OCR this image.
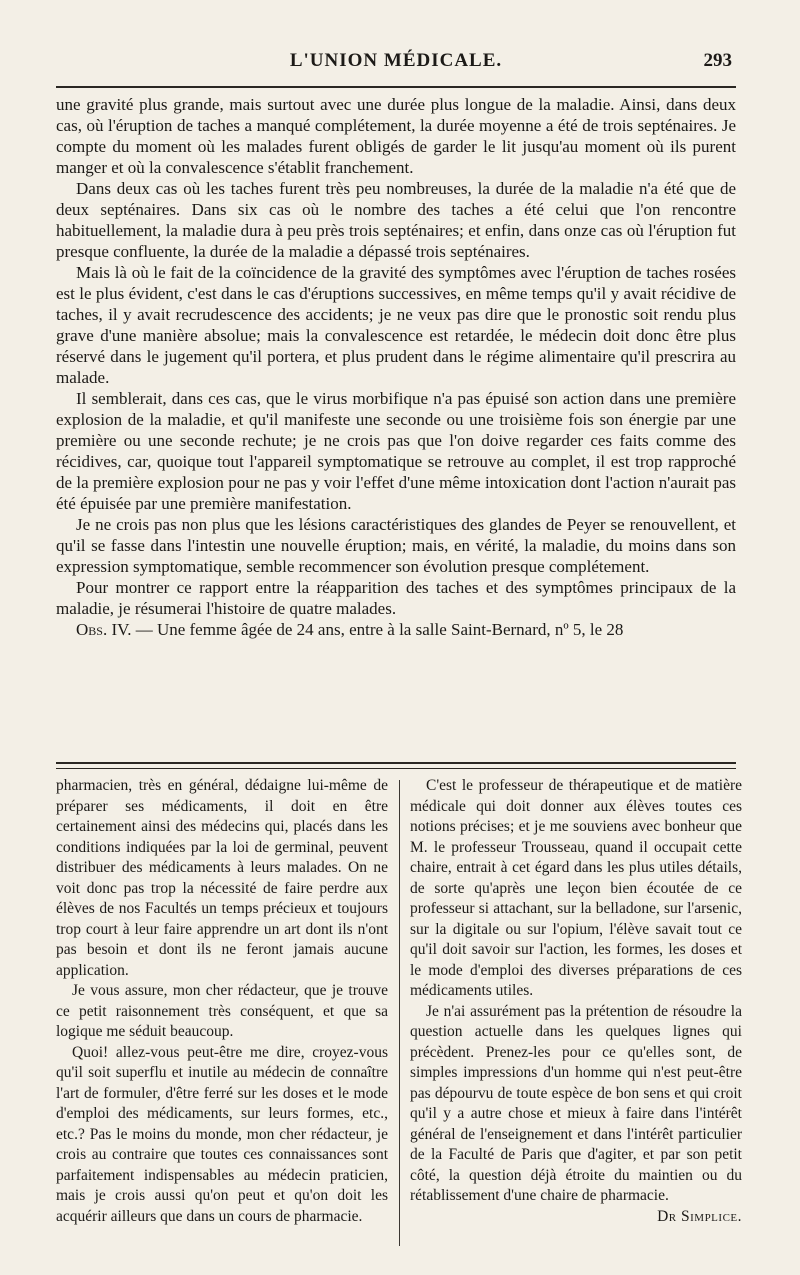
L'UNION MÉDICALE.	293

une gravité plus grande, mais surtout avec une durée plus longue de la maladie. Ainsi, dans deux cas, où l'éruption de taches a manqué complétement, la durée moyenne a été de trois septénaires. Je compte du moment où les malades furent obligés de garder le lit jusqu'au moment où ils purent manger et où la convalescence s'établit franchement.

Dans deux cas où les taches furent très peu nombreuses, la durée de la maladie n'a été que de deux septénaires. Dans six cas où le nombre des taches a été celui que l'on rencontre habituellement, la maladie dura à peu près trois septénaires; et enfin, dans onze cas où l'éruption fut presque confluente, la durée de la maladie a dépassé trois septénaires.

Mais là où le fait de la coïncidence de la gravité des symptômes avec l'éruption de taches rosées est le plus évident, c'est dans le cas d'éruptions successives, en même temps qu'il y avait récidive de taches, il y avait recrudescence des accidents; je ne veux pas dire que le pronostic soit rendu plus grave d'une manière absolue; mais la convalescence est retardée, le médecin doit donc être plus réservé dans le jugement qu'il portera, et plus prudent dans le régime alimentaire qu'il prescrira au malade.

Il semblerait, dans ces cas, que le virus morbifique n'a pas épuisé son action dans une première explosion de la maladie, et qu'il manifeste une seconde ou une troisième fois son énergie par une première ou une seconde rechute; je ne crois pas que l'on doive regarder ces faits comme des récidives, car, quoique tout l'appareil symptomatique se retrouve au complet, il est trop rapproché de la première explosion pour ne pas y voir l'effet d'une même intoxication dont l'action n'aurait pas été épuisée par une première manifestation.

Je ne crois pas non plus que les lésions caractéristiques des glandes de Peyer se renouvellent, et qu'il se fasse dans l'intestin une nouvelle éruption; mais, en vérité, la maladie, du moins dans son expression symptomatique, semble recommencer son évolution presque complétement.

Pour montrer ce rapport entre la réapparition des taches et des symptômes principaux de la maladie, je résumerai l'histoire de quatre malades.

Obs. IV. — Une femme âgée de 24 ans, entre à la salle Saint-Bernard, nº 5, le 28

pharmacien, très en général, dédaigne lui-même de préparer ses médicaments, il doit en être certainement ainsi des médecins qui, placés dans les conditions indiquées par la loi de germinal, peuvent distribuer des médicaments à leurs malades. On ne voit donc pas trop la nécessité de faire perdre aux élèves de nos Facultés un temps précieux et toujours trop court à leur faire apprendre un art dont ils n'ont pas besoin et dont ils ne feront jamais aucune application.

Je vous assure, mon cher rédacteur, que je trouve ce petit raisonnement très conséquent, et que sa logique me séduit beaucoup.

Quoi! allez-vous peut-être me dire, croyez-vous qu'il soit superflu et inutile au médecin de connaître l'art de formuler, d'être ferré sur les doses et le mode d'emploi des médicaments, sur leurs formes, etc., etc.? Pas le moins du monde, mon cher rédacteur, je crois au contraire que toutes ces connaissances sont parfaitement indispensables au médecin praticien, mais je crois aussi qu'on peut et qu'on doit les acquérir ailleurs que dans un cours de pharmacie.

C'est le professeur de thérapeutique et de matière médicale qui doit donner aux élèves toutes ces notions précises; et je me souviens avec bonheur que M. le professeur Trousseau, quand il occupait cette chaire, entrait à cet égard dans les plus utiles détails, de sorte qu'après une leçon bien écoutée de ce professeur si attachant, sur la belladone, sur l'arsenic, sur la digitale ou sur l'opium, l'élève savait tout ce qu'il doit savoir sur l'action, les formes, les doses et le mode d'emploi des diverses préparations de ces médicaments utiles.

Je n'ai assurément pas la prétention de résoudre la question actuelle dans les quelques lignes qui précèdent. Prenez-les pour ce qu'elles sont, de simples impressions d'un homme qui n'est peut-être pas dépourvu de toute espèce de bon sens et qui croit qu'il y a autre chose et mieux à faire dans l'intérêt général de l'enseignement et dans l'intérêt particulier de la Faculté de Paris que d'agiter, et par son petit côté, la question déjà étroite du maintien ou du rétablissement d'une chaire de pharmacie.

Dr Simplice.
